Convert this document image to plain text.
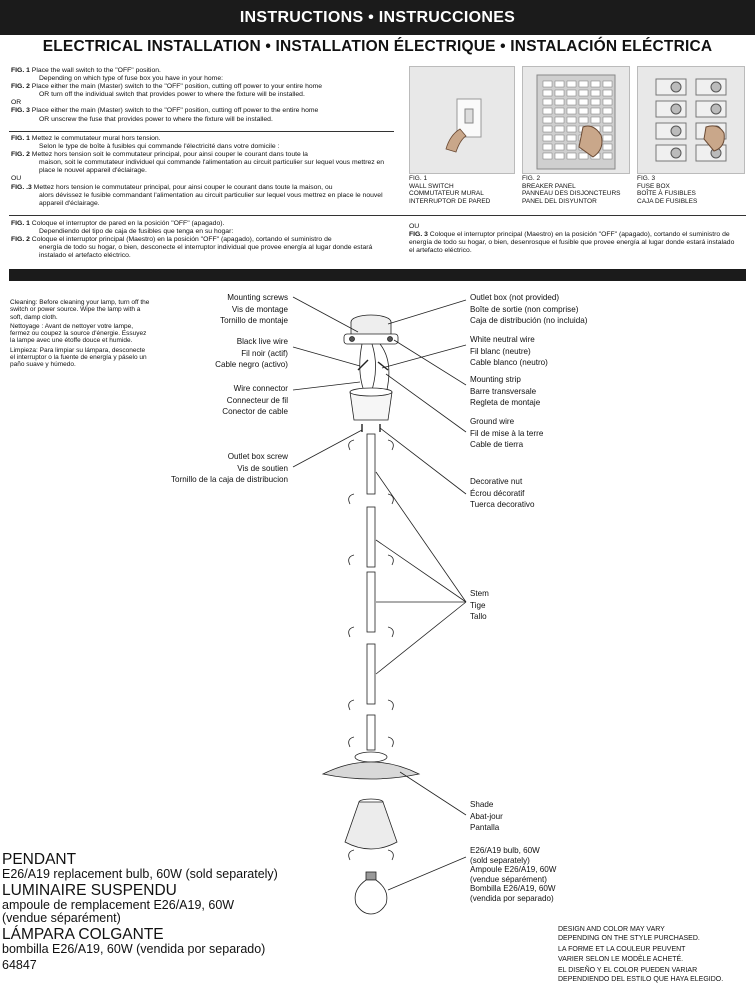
INSTRUCTIONS • INSTRUCCIONES
ELECTRICAL INSTALLATION • INSTALLATION ÉLECTRIQUE • INSTALACIÓN ELÉCTRICA
FIG. 1 Place the wall switch to the "OFF" position.
Depending on which type of fuse box you have in your home:
FIG. 2 Place either the main (Master) switch to the "OFF" position, cutting off power to your entire home
OR turn off the individual switch that provides power to where the fixture will be installed.
OR
FIG. 3 Place either the main (Master) switch to the "OFF" position, cutting off power to the entire home
OR unscrew the fuse that provides power to where the fixture will be installed.
FIG. 1 Mettez le commutateur mural hors tension.
Selon le type de boîte à fusibles qui commande l'électricité dans votre domicile :
FIG. 2 Mettez hors tension soit le commutateur principal, pour ainsi couper le courant dans toute la
maison, soit le commutateur individuel qui commande l'alimentation au circuit particulier sur lequel vous mettrez en place le nouvel appareil d'éclairage.
OU
FIG. .3 Mettez hors tension le commutateur principal, pour ainsi couper le courant dans toute la maison, ou
alors dévissez le fusible commandant l'alimentation au circuit particulier sur lequel vous mettrez en place le nouvel appareil d'éclairage.
FIG. 1 Coloque el interruptor de pared en la posición "OFF" (apagado).
Dependiendo del tipo de caja de fusibles que tenga en su hogar:
FIG. 2 Coloque el interruptor principal (Maestro) en la posición "OFF" (apagado), cortando el suministro de
energía de todo su hogar, o bien, desconecte el interruptor individual que provee energía al lugar donde estará instalado el artefacto eléctrico.
OU
FIG. 3 Coloque el interruptor principal (Maestro) en la posición "OFF" (apagado), cortando el suministro de energía de todo su hogar, o bien, desenrosque el fusible que provee energía al lugar donde estará instalado el artefacto eléctrico.
FIG. 1
WALL SWITCH
COMMUTATEUR MURAL
INTERRUPTOR DE PARED
FIG. 2
BREAKER PANEL
PANNEAU DES DISJONCTEURS
PANEL DEL DISYUNTOR
FIG. 3
FUSE BOX
BOÎTE À FUSIBLES
CAJA DE FUSIBLES
Cleaning: Before cleaning your lamp, turn off the switch or power source. Wipe the lamp with a soft, damp cloth.
Nettoyage : Avant de nettoyer votre lampe, fermez ou coupez la source d'énergie. Essuyez la lampe avec une étoffe douce et humide.
Limpieza: Para limpiar su lámpara, desconecte el interruptor o la fuente de energía y páselo un paño suave y húmedo.
Mounting screws
Vis de montage
Tornillo de montaje
Black live wire
Fil noir (actif)
Cable negro (activo)
Wire connector
Connecteur de fil
Conector de cable
Outlet box screw
Vis de soutien
Tornillo de la caja de distribucion
Outlet box (not provided)
Boîte de sortie (non comprise)
Caja de distribución (no incluida)
White neutral wire
Fil blanc (neutre)
Cable blanco (neutro)
Mounting strip
Barre transversale
Regleta de montaje
Ground wire
Fil de mise à la terre
Cable de tierra
Decorative nut
Écrou décoratif
Tuerca decorativo
Stem
Tige
Tallo
Shade
Abat-jour
Pantalla
E26/A19 bulb, 60W
(sold separately)
Ampoule E26/A19, 60W
(vendue séparément)
Bombilla E26/A19, 60W
(vendida por separado)
PENDANT
E26/A19 replacement bulb, 60W (sold separately)
LUMINAIRE SUSPENDU
ampoule de remplacement E26/A19, 60W
(vendue séparément)
LÁMPARA COLGANTE
bombilla E26/A19, 60W (vendida por separado)
64847
DESIGN AND COLOR MAY VARY
DEPENDING ON THE STYLE PURCHASED.
LA FORME ET LA COULEUR PEUVENT
VARIER SELON LE MODÈLE ACHETÉ.
EL DISEÑO Y EL COLOR PUEDEN VARIAR
DEPENDIENDO DEL ESTILO QUE HAYA ELEGIDO.
